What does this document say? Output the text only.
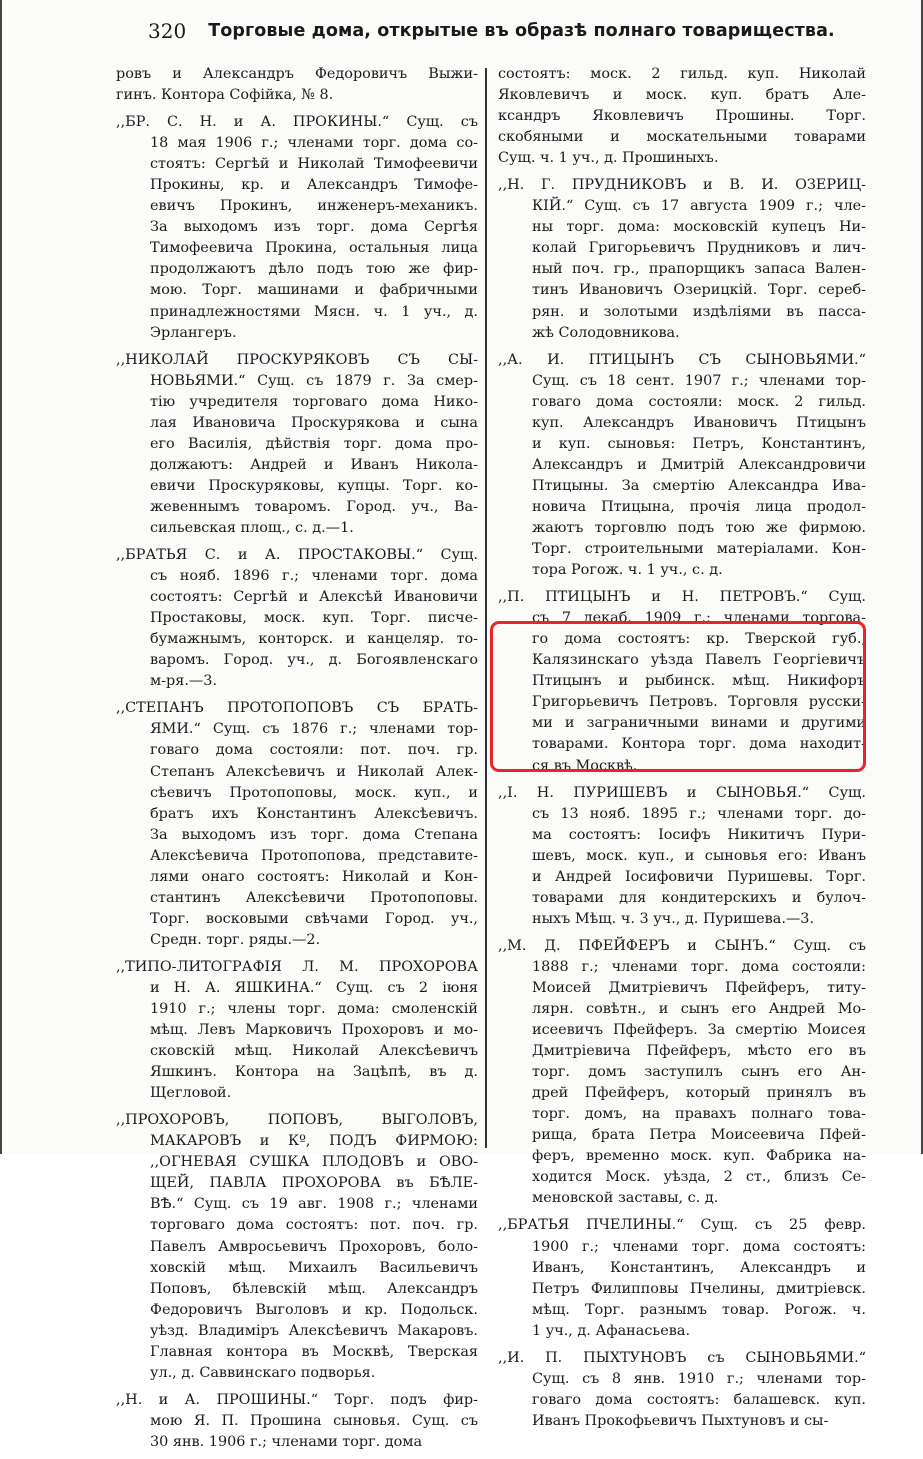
320 Торговые дома, открытые въ образѣ полнаго товарищества.
ровъ и Александръ Федоровичъ Выжи-
гинъ. Контора Софійка, № 8.
,,БР. С. Н. и А. ПРОКИНЫ.“ Сущ. съ
18 мая 1906 г.; членами торг. дома со-
стоятъ: Сергѣй и Николай Тимофеевичи
Прокины, кр. и Александръ Тимофе-
евичъ Прокинъ, инженеръ-механикъ.
За выходомъ изъ торг. дома Сергѣя
Тимофеевича Прокина, остальныя лица
продолжаютъ дѣло подъ тою же фир-
мою. Торг. машинами и фабричными
принадлежностями Мясн. ч. 1 уч., д.
Эрлангеръ.
,,НИКОЛАЙ ПРОСКУРЯКОВЪ СЪ СЫ-
НОВЬЯМИ.“ Сущ. съ 1879 г. За смер-
тію учредителя торговаго дома Нико-
лая Ивановича Проскурякова и сына
его Василія, дѣйствія торг. дома про-
должаютъ: Андрей и Иванъ Никола-
евичи Проскуряковы, купцы. Торг. ко-
жевеннымъ товаромъ. Город. уч., Ва-
сильевская площ., с. д.—1.
,,БРАТЬЯ С. и А. ПРОСТАКОВЫ.“ Сущ.
съ нояб. 1896 г.; членами торг. дома
состоятъ: Сергѣй и Алексѣй Ивановичи
Простаковы, моск. куп. Торг. писче-
бумажнымъ, конторск. и канцеляр. то-
варомъ. Город. уч., д. Богоявленскаго
м-ря.—3.
,,СТЕПАНЪ ПРОТОПОПОВЪ СЪ БРАТЬ-
ЯМИ.“ Сущ. съ 1876 г.; членами тор-
говаго дома состояли: пот. поч. гр.
Степанъ Алексѣевичъ и Николай Алек-
сѣевичъ Протопоповы, моск. куп., и
братъ ихъ Константинъ Алексѣевичъ.
За выходомъ изъ торг. дома Степана
Алексѣевича Протопопова, представите-
лями онаго состоятъ: Николай и Кон-
стантинъ Алексѣевичи Протопоповы.
Торг. восковыми свѣчами Город. уч.,
Средн. торг. ряды.—2.
,,ТИПО-ЛИТОГРАФІЯ Л. М. ПРОХОРОВА
и Н. А. ЯШКИНА.“ Сущ. съ 2 іюня
1910 г.; члены торг. дома: смоленскій
мѣщ. Левъ Марковичъ Прохоровъ и мо-
сковскій мѣщ. Николай Алексѣевичъ
Яшкинъ. Контора на Зацѣпѣ, въ д.
Щегловой.
,,ПРОХОРОВЪ, ПОПОВЪ, ВЫГОЛОВЪ,
МАКАРОВЪ и Кº, ПОДЪ ФИРМОЮ:
,,ОГНЕВАЯ СУШКА ПЛОДОВЪ и ОВО-
ЩЕЙ, ПАВЛА ПРОХОРОВА въ БѢЛЕ-
ВѢ.“ Сущ. съ 19 авг. 1908 г.; членами
торговаго дома состоятъ: пот. поч. гр.
Павелъ Амвросьевичъ Прохоровъ, боло-
ховскій мѣщ. Михаилъ Васильевичъ
Поповъ, бѣлевскій мѣщ. Александръ
Федоровичъ Выголовъ и кр. Подольск.
уѣзд. Владиміръ Алексѣевичъ Макаровъ.
Главная контора въ Москвѣ, Тверская
ул., д. Саввинскаго подворья.
,,Н. и А. ПРОШИНЫ.“ Торг. подъ фир-
мою Я. П. Прошина сыновья. Сущ. съ
30 янв. 1906 г.; членами торг. дома
состоятъ: моск. 2 гильд. куп. Николай
Яковлевичъ и моск. куп. братъ Але-
ксандръ Яковлевичъ Прошины. Торг.
скобяными и москательными товарами
Сущ. ч. 1 уч., д. Прошиныхъ.
,,Н. Г. ПРУДНИКОВЪ и В. И. ОЗЕРИЦ-
КІЙ.“ Сущ. съ 17 августа 1909 г.; чле-
ны торг. дома: московскій купецъ Ни-
колай Григорьевичъ Прудниковъ и лич-
ный поч. гр., прапорщикъ запаса Вален-
тинъ Ивановичъ Озерицкій. Торг. сереб-
рян. и золотыми издѣліями въ пасса-
жѣ Солодовникова.
,,А. И. ПТИЦЫНЪ СЪ СЫНОВЬЯМИ.“
Сущ. съ 18 сент. 1907 г.; членами тор-
говаго дома состояли: моск. 2 гильд.
куп. Александръ Ивановичъ Птицынъ
и куп. сыновья: Петръ, Константинъ,
Александръ и Дмитрій Александровичи
Птицыны. За смертію Александра Ива-
новича Птицына, прочія лица продол-
жаютъ торговлю подъ тою же фирмою.
Торг. строительными матеріалами. Кон-
тора Рогож. ч. 1 уч., с. д.
,,П. ПТИЦЫНЪ и Н. ПЕТРОВЪ.“ Сущ.
съ 7 декаб. 1909 г.; членами торгова-
го дома состоятъ: кр. Тверской губ.,
Калязинскаго уѣзда Павелъ Георгіевичъ
Птицынъ и рыбинск. мѣщ. Никифоръ
Григорьевичъ Петровъ. Торговля русски-
ми и заграничными винами и другими
товарами. Контора торг. дома находит-
ся въ Москвѣ.
,,І. Н. ПУРИШЕВЪ и СЫНОВЬЯ.“ Сущ.
съ 13 нояб. 1895 г.; членами торг. до-
ма состоятъ: Іосифъ Никитичъ Пури-
шевъ, моск. куп., и сыновья его: Иванъ
и Андрей Іосифовичи Пуришевы. Торг.
товарами для кондитерскихъ и булоч-
ныхъ Мѣщ. ч. 3 уч., д. Пуришева.—3.
,,М. Д. ПФЕЙФЕРЪ и СЫНЪ.“ Сущ. съ
1888 г.; членами торг. дома состояли:
Моисей Дмитріевичъ Пфейферъ, титу-
лярн. совѣтн., и сынъ его Андрей Мо-
исеевичъ Пфейферъ. За смертію Моисея
Дмитріевича Пфейферъ, мѣсто его въ
торг. домъ заступилъ сынъ его Ан-
дрей Пфейферъ, который принялъ въ
торг. домъ, на правахъ полнаго това-
рища, брата Петра Моисеевича Пфей-
феръ, временно моск. куп. Фабрика на-
ходится Моск. уѣзда, 2 ст., близъ Се-
меновской заставы, с. д.
,,БРАТЬЯ ПЧЕЛИНЫ.“ Сущ. съ 25 февр.
1900 г.; членами торг. дома состоятъ:
Иванъ, Константинъ, Александръ и
Петръ Филипповы Пчелины, дмитріевск.
мѣщ. Торг. разнымъ товар. Рогож. ч.
1 уч., д. Афанасьева.
,,И. П. ПЫХТУНОВЪ съ СЫНОВЬЯМИ.“
Сущ. съ 8 янв. 1910 г.; членами тор-
говаго дома состоятъ: балашевск. куп.
Иванъ Прокофьевичъ Пыхтуновъ и сы-
